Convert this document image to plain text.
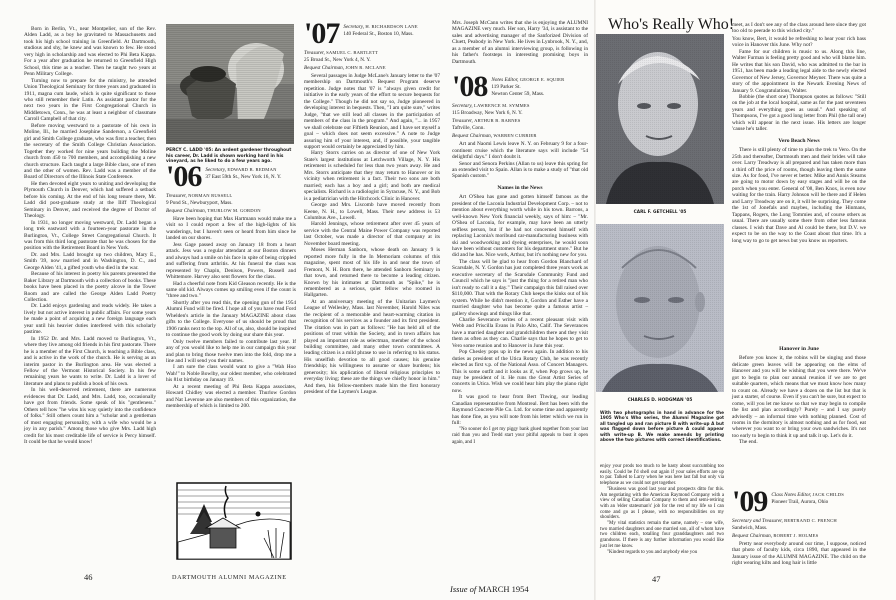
Born in Berlin, Vt., near Montpelier, son of the Rev. Alden Ladd, as a boy he gravitated to Massachusetts and took his high school training in Greenfield. At Dartmouth, studious and shy, he knew and was known to few. He stood very high in scholarship and was elected to Phi Beta Kappa. For a year after graduation he returned to Greenfield High School, this time as a teacher. Then he taught two years at Penn Military College.

Turning now to prepare for the ministry, he attended Union Theological Seminary for three years and graduated in 1911, magna cum laude, which is quite significant to those who still remember their Latin. As assistant pastor for the next two years in the First Congregational Church in Middletown, Conn., he was at least a neighbor of classmate Carroll Campbell of that city.

Before moving westward to a pastorate of his own in Moline, Ill., he married Josephine Sanderson, a Greenfield girl and Smith College graduate, who was first a teacher, then the secretary of the Smith College Christian Association. Together they worked for nine years building the Moline church from 450 to 700 members, and accomplishing a new church structure. Each taught a large Bible class, one of men and the other of women. Rev. Ladd was a member of the Board of Directors of the Illinois State Conference.

He then devoted eight years to uniting and developing the Plymouth Church in Denver, which had suffered a setback before his coming. At the end of his long tenure there, Mr. Ladd did post-graduate study at the Iliff Theological Seminary in Denver, and received the degree of Doctor of Theology.

In 1931, no longer moving westward, Dr. Ladd began a long trek eastward with a fourteen-year pastorate in the Burlington, Vt., College Street Congregational Church. It was from this third long pastorate that he was chosen for the position with the Retirement Board in New York.

Dr. and Mrs. Ladd brought up two children, Mary E., Smith '39, now married and in Washington, D. C., and George Alden '41, a gifted youth who died in the war.

Because of his interest in poetry his parents presented the Baker Library at Dartmouth with a collection of books. These books have been placed in the poetry alcove in the Tower Room and are called the George Alden Ladd Poetry Collection.

Dr. Ladd enjoys gardening and reads widely. He takes a lively but not active interest in public affairs. For some years he made a point of acquiring a new foreign language each year until his heavier duties interfered with this scholarly pastime.

In 1952 Dr. and Mrs. Ladd moved to Burlington, Vt., where they live among old friends in his first pastorate. There he is a member of the First Church, is teaching a Bible class, and is active in the work of the church. He is serving as an interim pastor in the Burlington area. He was elected a Fellow of the Vermont Historical Society. In his few remaining years he wants to write. Dr. Ladd is a lover of literature and plans to publish a book of his own.

In his well-deserved retirement, there are numerous evidences that Dr. Ladd, and Mrs. Ladd, too, occasionally have got from friends. Some speak of his "gentleness." Others tell how "he wins his way quietly into the confidence of folks." Still others count him a "scholar and a gentleman of most engaging personality, with a wife who would be a joy in any parish." Among those who give Mrs. Ladd high credit for his most creditable life of service is Percy himself. It could be that he would know!

PERCY C. LADD '05: An ardent gardener throughout his career, Dr. Ladd is shown working hard in his vineyard, as he liked to do a few years ago.
'06 Secretary, EDWARD B. REDMAN
37 East 59th St., New York 16, N. Y.

Treasurer, NORMAN RUSSELL

9 Pond St., Newburyport, Mass.

Bequest Chairman, THURLOW M. GORDON

Have been hoping that Max Hartmann would make me a visit so I could report a few of the high-lights of his wanderings, but I haven't seen or heard from him since he landed on our shores.

Jess Gage passed away on January 18 from a heart attack. Jess was a regular attendant at our Boston dinners and always had a smile on his face in spite of being crippled and suffering from arthritis. At his funeral the class was represented by Chapin, Denison, Powers, Russell and Whittemore. Harvey also sent flowers for the class.

Had a cheerful note from Kid Gleason recently. He is the same old kid. Always comes up smiling even if the count is "three and two."

Shortly after you read this, the opening gun of the 1954 Alumni Fund will be fired. I hope all of you have read Ford Whelden's article in the January MAGAZINE about class gifts to the College. Everyone of us should be proud that 1906 ranks next to the top. All of us, also, should be inspired to continue the good work by doing our share this year.

Only twelve members failed to contribute last year. If any of you would like to help me in our campaign this year and plan to bring those twelve men into the fold, drop me a line and I will send you their names.

I am sure the class would want to give a "Wah Hoo Wah!" to Noble Bowlby, our oldest member, who celebrated his 81st birthday on January 19.

At a recent meeting of Phi Beta Kappa associates, Howard Chidley was elected a member. Thurlow Gordon and Nat Leverone are also members of this organization, the membership of which is limited to 200.

'07 Secretary, H. RICHARDSON LANE
140 Federal St., Boston 10, Mass.

Treasurer, SAMUEL C. BARTLETT

25 Broad St., New York 4, N. Y.

Bequest Chairman, JOHN R. MCLANE

Several passages in Judge McLane's January letter to the '07 membership on Dartmouth's Bequest Program deserve repetition. Judge notes that '07 is "always given credit for initiative in the early years of the effort to secure bequests for the College." Though he did not say so, Judge pioneered in developing interest in bequests. Then, "I am quite sure," writes Judge, "that we still lead all classes in the participation of members of the class in the program." And again, "... in 1957 we shall celebrate our Fiftieth Reunion, and I have set myself a goal – which does not seem excessive." A note to Judge assuring him of your interest, and, if possible, your tangible support would certainly be appreciated by him.

Harry Storrs carries on as director of one of New York State's largest institutions at Letchworth Village, N. Y. His retirement is scheduled for less than two years away. He and Mrs. Storrs anticipate that they may return to Hanover or its vicinity when retirement is a fact. Their two sons are both married; each has a boy and a girl; and both are medical specialists. Richard is a radiologist in Syracuse, N. Y., and Bob is a pediatrician with the Hitchcock Clinic in Hanover.

George and Mrs. Liscomb have moved recently from Keene, N. H., to Lowell, Mass. Their new address is 53 Columbus Ave., Lowell.

Harold Jennings, whose retirement after over 45 years of service with the Central Maine Power Company was reported last October, was made a director of that company at its November board meeting.

Moses Herman Sanborn, whose death on January 9 is reported more fully in the In Memoriam columns of this magazine, spent most of his life in and near the town of Fremont, N. H. Born there, he attended Sanborn Seminary in that town, and returned there to become a leading citizen. Known by his intimates at Dartmouth as "Spike," he is remembered as a serious, quiet fellow who roomed in Hallgarten.

At an anniversary meeting of the Unitarian Laymen's League of Wellesley, Mass. last November, Harold Niles was the recipient of a memorable and heart-warming citation in recognition of his services as a founder and its first president. The citation was in part as follows: "He has held all of the positions of trust within the Society, and in town affairs has played an important role as selectman, member of the school building committee, and many other town committees. A leading citizen is a mild phrase to use in referring to his status. His unselfish devotion to all good causes; his genuine friendship; his willingness to assume or share burdens; his generosity; his application of liberal religious principles to everyday living; these are the things we chiefly honor in him." And then, his fellow-members made him the first honorary president of the Laymen's League.

Mrs. Joseph McCann writes that she is enjoying the ALUMNI MAGAZINE very much. Her son, Harry '34, is assistant to the sales and advertising manager of the Sanforized Division of Cluett, Peabody in New York. He lives in Lynbrook, N. Y., and, as a member of an alumni interviewing group, is following in his father's footsteps in interesting promising boys in Dartmouth.

'08 Notes Editor, GEORGE E. SQUIER
119 Parker St.
Newton Center 59, Mass.

Secretary, LAWRENCE M. SYMMES

115 Broadway, New York 6, N. Y.

Treasurer, ARTHUR B. BARNES

Taftville, Conn.

Bequest Chairman, WARREN CURRIER

Art and Naomi Lewis leave N. Y. on February 9 for a four-continent cruise which the literature says will include "54 delightful days." I don't doubt it.

Senor and Senora Perkins (Allan to us) leave this spring for an extended visit to Spain. Allan is to make a study of "that old Spanish custom."

Names in the News

Art O'Shea has gone and gotten himself famous as the president of the Laconia Industrial Development Corp. – not to mention about everything worth while in his town. Barrons, a well-known New York financial weekly, says of him: – "Mr. O'Shea of Laconia, for example, may have been an utterly selfless person, but if he had not concerned himself with replacing Laconia's moribund car-manufacturing business with ski and woodworking and dyeing enterprises, he would soon have been without customers for his department store." But he did and he has. Nice work, Arthur, but it's nothing new for you.

The class will be glad to hear from Gordon Blanchard of Scarsdale, N. Y. Gordon has just completed three years work as executive secretary of the Scarsdale Community Fund and Council which he says is "just the thing for a retired man who isn't ready to call it a day." Their campaign this fall raised over $110,000. That with the Rotary Club keeps the kinks out of his system. While he didn't mention it, Gordon and Esther have a married daughter who has become quite a famous artist – gallery showings and things like that.

Charlie Severance writes of a recent pleasant visit with Webb and Priscilla Evans in Palo Alto, Calif. The Severances have a married daughter and grandchildren there and they visit them as often as they can. Charlie says that he hopes to get to Vero some reunion and to Hanover in June this year.

Pop Chesley pops up in the news again. In addition to his duties as president of the Utica Rotary Club, he was recently elected as first v.p. of the National Asso. of Concert Managers. This is some outfit and it looks as if, when Pop grows up, he may be president of it. He runs the Great Artist Series of concerts in Utica. Wish we could hear him play the piano right now.

It was good to hear from Bert Thwing, our leading Canadian representative from Montreal. Bert has been with the Raymond Concrete Pile Co. Ltd. for some time and apparently has done fine, as you will note from his letter which we run in full:

"No sooner do I get my piggy bank glued together from your last raid than you and Tredd start your pitiful appeals to bust it open again, and I

46	DARTMOUTH ALUMNI MAGAZINE
Who's Really Who!
CARL F. GETCHELL '05
CHARLES D. HODGMAN '05
With two photographs in hand in advance for the 1905 Who's Who series, the Alumni Magazine got all tangled up and ran picture B with write-up A but was flagged down before picture A could appear with write-up B. We make amends by printing above the two pictures with correct identifications.

enjoy your prods too much to be hasty about succumbing too easily. Could be I'd shell out again if your sales efforts are up to par. Talked to Larry when he was here last fall but only via telephone as we could not get together.

"Business was good last year and prospects ditto for this. Am negotiating with the American Raymond Company with a view of selling Canadian Company to them and semi-retiring with an 'elder statesman's' job for the rest of my life so I can come and go as I please, with no responsibilities on my shoulders.

"My vital statistics remain the same, namely – one wife, two married daughters and one married son, all of whom have two children each, totalling four granddaughters and two grandsons. If there is any further information you would like just let me know.

"Kindest regards to you and anybody else you

47

meet, as I don't see any of the class around here since they got too old to peerade to this wicked city."

You know, Bert, it would be refreshing to hear your rich bass voice in Hanover this June. Why not?

Fame for our children is music to us. Along this line, Walter Furman is feeling pretty good and who will blame him. He writes that his son David, who was admitted to the bar in 1951, has been made a leading legal aide to the newly elected Governor of New Jersey, Governor Meyner. There was quite a story of the appointment in the Newark Evening News of January 9. Congratulations, Walter.

Bobbie (the short one) Thompson quotes as follows: "Still on the job at the local hospital, same as for the past seventeen years and everything goes as usual." And speaking of Thompsons, I've got a good long letter from Phil (the tall one) which will appear in the next issue. His letters are longer 'cause he's taller.

Vero Beach News

There is still plenty of time to plan the trek to Vero. On the 25th and thereafter, Dartmouth men and their brides will take over. Larry Treadway is all prepared and has taken more than a third off the price of rooms, though leaving them the same size. As for food, I've never et better. Mike and Annis Stearns are going to motor down by easy stages and will be on the porch when you enter. General of '08, Ben Knox, is even now waiting for the train. Harry Johnson will be there and if Helen and Larry Treadway are on it, it will be surprising. They come the 1st of Jonefals and maybes, including the Hinmans, Tappans, Rogers, the Long Tommies and, of course others as usual. There are usually some there from other less famous classes. I wish that Dave and Al could be there, but D.V. we expect to be on the way to the Coast about that time. It's a long way to go to get news but you know us reporters.

Hanover in June

Before you know it, the robins will be singing and those delicate green leaves will be appearing on the elms of Hanover and you will be wishing that you were there. We've got to begin to plan our annual reunion if we are to get suitable quarters, which means that we must know how many to count on. Already we have a dozen on the list but that is just a starter, of course. Even if you can't be sure, but expect to come, will you let me know so that we may begin to compile the list and plan accordingly? Purely – and I say purely advisedly – an informal time with nothing planned. Cost of rooms in the dormitory is almost nothing and as for food, eat wherever you want to or bring your own sandwiches. It's not too early to begin to think it up and talk it up. Let's do it.

The end.

'09 Class Notes Editor, JACK CHILDS
Pioneer Trail, Aurora, Ohio

Secretary and Treasurer, BERTRAND C. FRENCH

Sandwich, Mass.

Bequest Chairman, ROBERT J. HOLMES

Pretty near everybody around our time, I suppose, noticed that photo of faculty kids, circa 1890, that appeared in the January issue of the ALUMNI MAGAZINE. The child on the right wearing kilts and long hair is little

Issue of MARCH 1954
